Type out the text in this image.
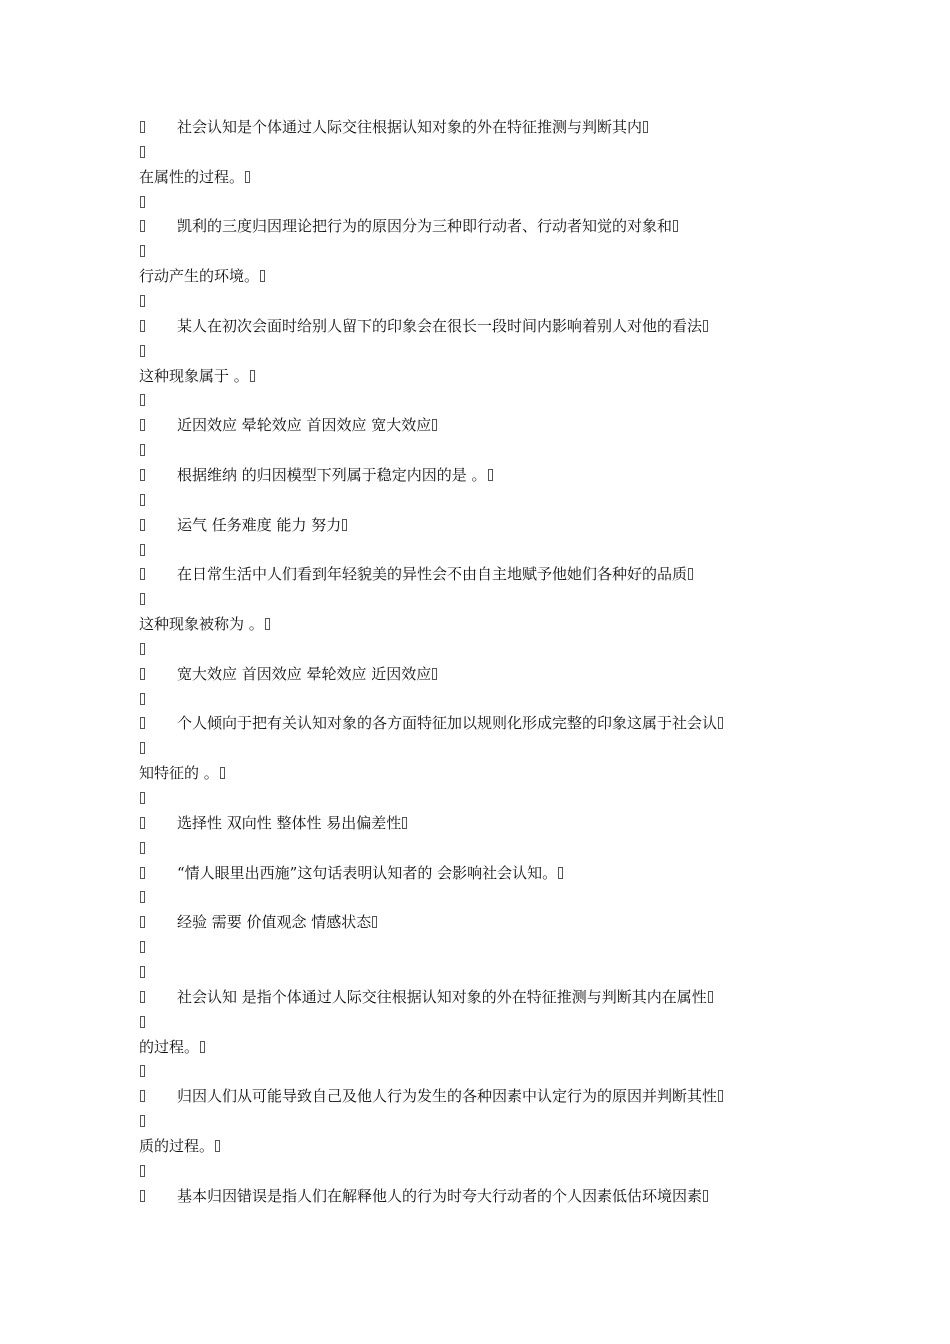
社会认知是个体通过人际交往根据认知对象的外在特征推测与判断其内
在属性的过程。
凯利的三度归因理论把行为的原因分为三种即行动者、行动者知觉的对象和
行动产生的环境。
某人在初次会面时给别人留下的印象会在很长一段时间内影响着别人对他的看法
这种现象属于 。
近因效应 晕轮效应 首因效应 宽大效应
根据维纳 的归因模型下列属于稳定内因的是 。
运气 任务难度 能力 努力
在日常生活中人们看到年轻貌美的异性会不由自主地赋予他她们各种好的品质
这种现象被称为 。
宽大效应 首因效应 晕轮效应 近因效应
个人倾向于把有关认知对象的各方面特征加以规则化形成完整的印象这属于社会认
知特征的 。
选择性 双向性 整体性 易出偏差性
“情人眼里出西施”这句话表明认知者的 会影响社会认知。
经验 需要 价值观念 情感状态
社会认知 是指个体通过人际交往根据认知对象的外在特征推测与判断其内在属性
的过程。
归因人们从可能导致自己及他人行为发生的各种因素中认定行为的原因并判断其性
质的过程。
基本归因错误是指人们在解释他人的行为时夸大行动者的个人因素低估环境因素
